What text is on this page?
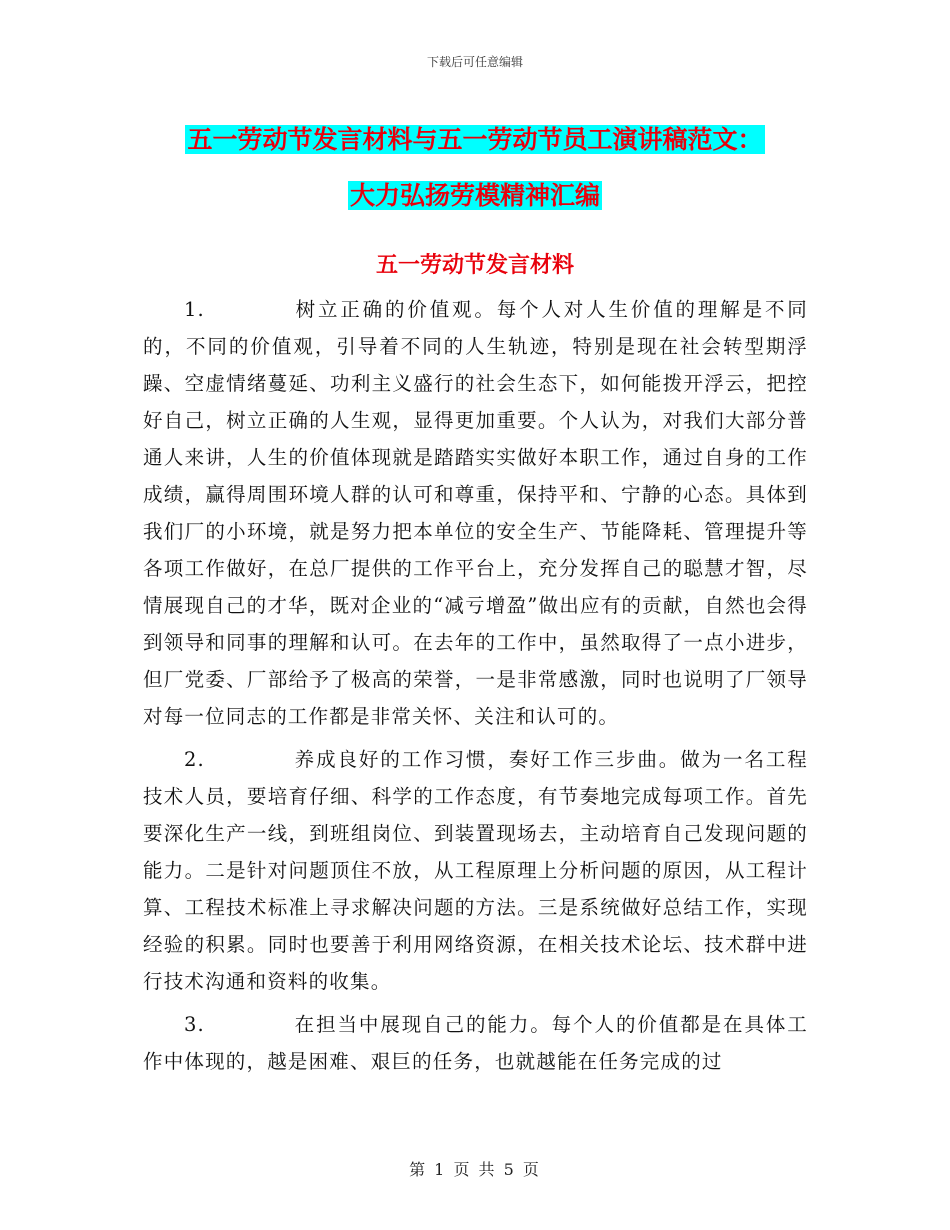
下载后可任意编辑
五一劳动节发言材料与五一劳动节员工演讲稿范文：
大力弘扬劳模精神汇编
五一劳动节发言材料

1.	树立正确的价值观。每个人对人生价值的理解是不同的，不同的价值观，引导着不同的人生轨迹，特别是现在社会转型期浮躁、空虚情绪蔓延、功利主义盛行的社会生态下，如何能拨开浮云，把控好自己，树立正确的人生观，显得更加重要。个人认为，对我们大部分普通人来讲，人生的价值体现就是踏踏实实做好本职工作，通过自身的工作成绩，赢得周围环境人群的认可和尊重，保持平和、宁静的心态。具体到我们厂的小环境，就是努力把本单位的安全生产、节能降耗、管理提升等各项工作做好，在总厂提供的工作平台上，充分发挥自己的聪慧才智，尽情展现自己的才华，既对企业的“减亏增盈”做出应有的贡献，自然也会得到领导和同事的理解和认可。在去年的工作中，虽然取得了一点小进步，但厂党委、厂部给予了极高的荣誉，一是非常感激，同时也说明了厂领导对每一位同志的工作都是非常关怀、关注和认可的。

2.	养成良好的工作习惯，奏好工作三步曲。做为一名工程技术人员，要培育仔细、科学的工作态度，有节奏地完成每项工作。首先要深化生产一线，到班组岗位、到装置现场去，主动培育自己发现问题的能力。二是针对问题顶住不放，从工程原理上分析问题的原因，从工程计算、工程技术标准上寻求解决问题的方法。三是系统做好总结工作，实现经验的积累。同时也要善于利用网络资源，在相关技术论坛、技术群中进行技术沟通和资料的收集。

3.	在担当中展现自己的能力。每个人的价值都是在具体工作中体现的，越是困难、艰巨的任务，也就越能在任务完成的过

第 1 页 共 5 页
